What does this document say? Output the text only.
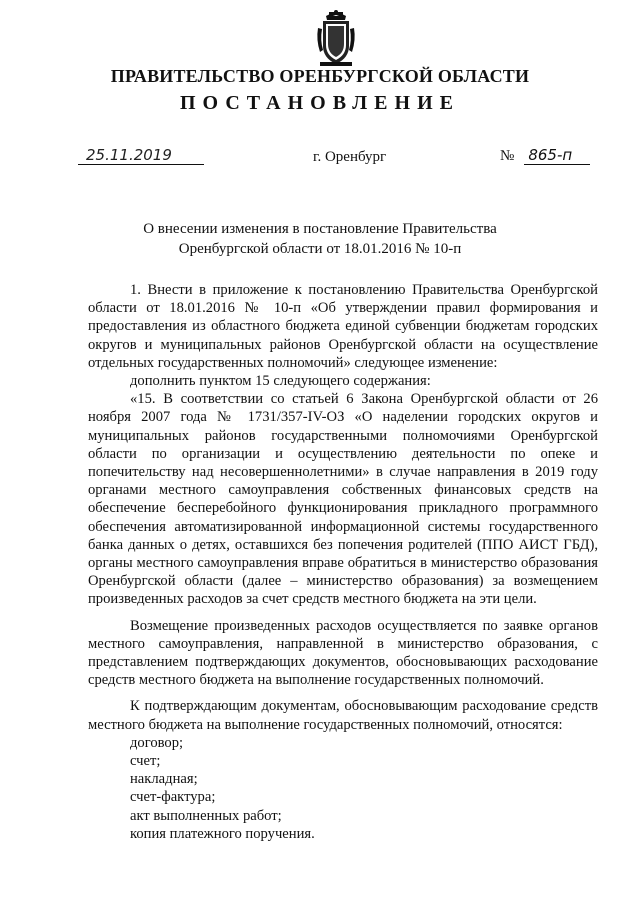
ПРАВИТЕЛЬСТВО ОРЕНБУРГСКОЙ ОБЛАСТИ
ПОСТАНОВЛЕНИЕ
25.11.2019	г. Оренбург	№ 865-п
О внесении изменения в постановление Правительства
Оренбургской области от 18.01.2016 № 10-п

1. Внести в приложение к постановлению Правительства Оренбургской области от 18.01.2016 № 10-п «Об утверждении правил формирования и предоставления из областного бюджета единой субвенции бюджетам городских округов и муниципальных районов Оренбургской области на осуществление отдельных государственных полномочий» следующее изменение:

дополнить пунктом 15 следующего содержания:

«15. В соответствии со статьей 6 Закона Оренбургской области от 26 ноября 2007 года № 1731/357-IV-ОЗ «О наделении городских округов и муниципальных районов государственными полномочиями Оренбургской области по организации и осуществлению деятельности по опеке и попечительству над несовершеннолетними» в случае направления в 2019 году органами местного самоуправления собственных финансовых средств на обеспечение бесперебойного функционирования прикладного программного обеспечения автоматизированной информационной системы государственного банка данных о детях, оставшихся без попечения родителей (ППО АИСТ ГБД), органы местного самоуправления вправе обратиться в министерство образования Оренбургской области (далее – министерство образования) за возмещением произведенных расходов за счет средств местного бюджета на эти цели.

Возмещение произведенных расходов осуществляется по заявке органов местного самоуправления, направленной в министерство образования, с представлением подтверждающих документов, обосновывающих расходование средств местного бюджета на выполнение государственных полномочий.

К подтверждающим документам, обосновывающим расходование средств местного бюджета на выполнение государственных полномочий, относятся:

договор;

счет;

накладная;

счет-фактура;

акт выполненных работ;

копия платежного поручения.
